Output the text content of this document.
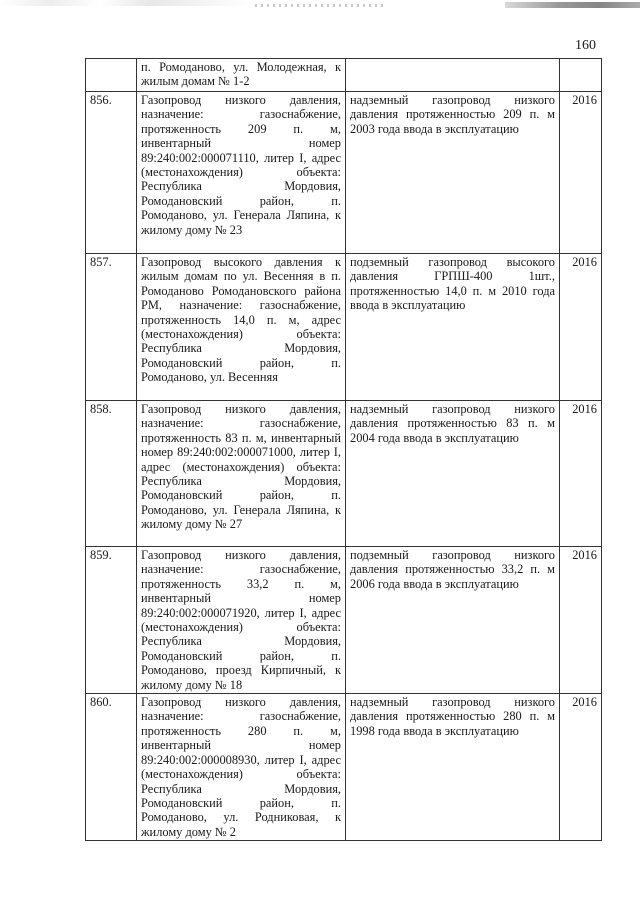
160

	п. Ромоданово, ул. Молодежная, к жилым домам № 1-2		

856.	Газопровод низкого давления, назначение: газоснабжение, протяженность 209 п. м, инвентарный номер 89:240:002:000071110, литер I, адрес (местонахождения) объекта: Республика Мордовия, Ромодановский район, п. Ромоданово, ул. Генерала Ляпина, к жилому дому № 23	надземный газопровод низкого давления протяженностью 209 п. м 2003 года ввода в эксплуатацию	2016
857.	Газопровод высокого давления к жилым домам по ул. Весенняя в п. Ромоданово Ромодановского района РМ, назначение: газоснабжение, протяженность 14,0 п. м, адрес (местонахождения) объекта: Республика Мордовия, Ромодановский район, п. Ромоданово, ул. Весенняя	подземный газопровод высокого давления ГРПШ-400 1шт., протяженностью 14,0 п. м 2010 года ввода в эксплуатацию	2016
858.	Газопровод низкого давления, назначение: газоснабжение, протяженность 83 п. м, инвентарный номер 89:240:002:000071000, литер I, адрес (местонахождения) объекта: Республика Мордовия, Ромодановский район, п. Ромоданово, ул. Генерала Ляпина, к жилому дому № 27	надземный газопровод низкого давления протяженностью 83 п. м 2004 года ввода в эксплуатацию	2016
859.	Газопровод низкого давления, назначение: газоснабжение, протяженность 33,2 п. м, инвентарный номер 89:240:002:000071920, литер I, адрес (местонахождения) объекта: Республика Мордовия, Ромодановский район, п. Ромоданово, проезд Кирпичный, к жилому дому № 18	подземный газопровод низкого давления протяженностью 33,2 п. м 2006 года ввода в эксплуатацию	2016
860.	Газопровод низкого давления, назначение: газоснабжение, протяженность 280 п. м, инвентарный номер 89:240:002:000008930, литер I, адрес (местонахождения) объекта: Республика Мордовия, Ромодановский район, п. Ромоданово, ул. Родниковая, к жилому дому № 2	надземный газопровод низкого давления протяженностью 280 п. м 1998 года ввода в эксплуатацию	2016
